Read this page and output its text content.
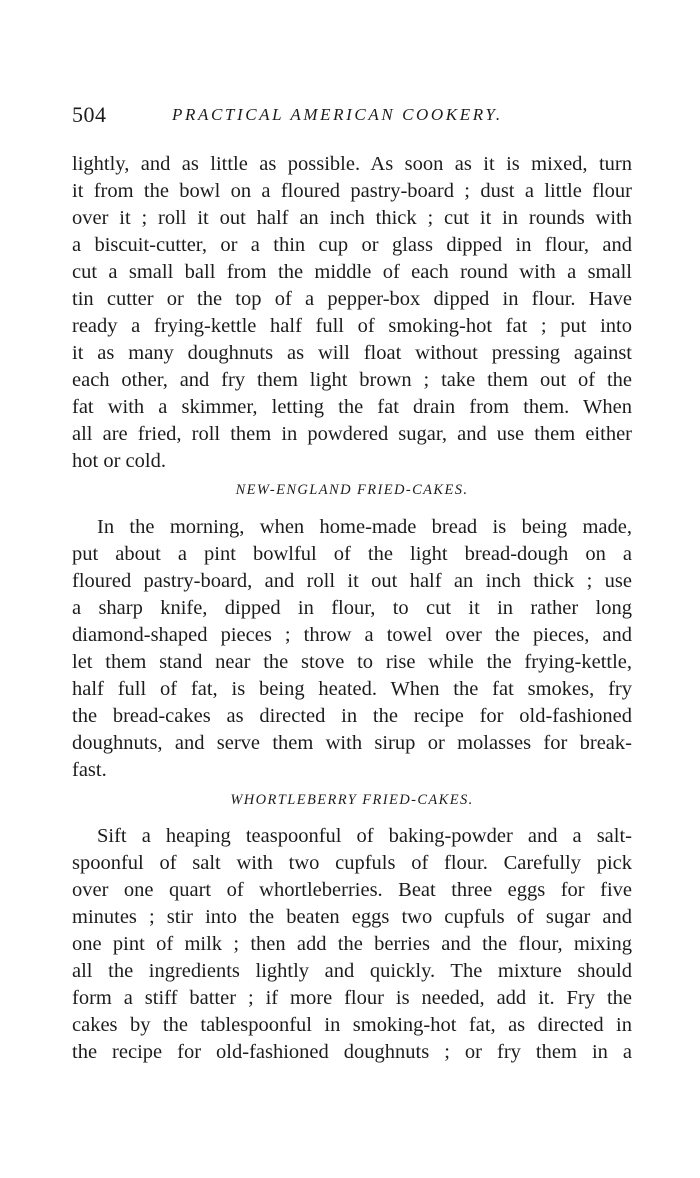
504	PRACTICAL AMERICAN COOKERY.
lightly, and as little as possible. As soon as it is mixed, turn
it from the bowl on a floured pastry-board ; dust a little flour
over it ; roll it out half an inch thick ; cut it in rounds with
a biscuit-cutter, or a thin cup or glass dipped in flour, and
cut a small ball from the middle of each round with a small
tin cutter or the top of a pepper-box dipped in flour. Have
ready a frying-kettle half full of smoking-hot fat ; put into
it as many doughnuts as will float without pressing against
each other, and fry them light brown ; take them out of the
fat with a skimmer, letting the fat drain from them. When
all are fried, roll them in powdered sugar, and use them either
hot or cold.
NEW-ENGLAND FRIED-CAKES.
In the morning, when home-made bread is being made,
put about a pint bowlful of the light bread-dough on a
floured pastry-board, and roll it out half an inch thick ; use
a sharp knife, dipped in flour, to cut it in rather long
diamond-shaped pieces ; throw a towel over the pieces, and
let them stand near the stove to rise while the frying-kettle,
half full of fat, is being heated. When the fat smokes, fry
the bread-cakes as directed in the recipe for old-fashioned
doughnuts, and serve them with sirup or molasses for break-
fast.
WHORTLEBERRY FRIED-CAKES.
Sift a heaping teaspoonful of baking-powder and a salt-
spoonful of salt with two cupfuls of flour. Carefully pick
over one quart of whortleberries. Beat three eggs for five
minutes ; stir into the beaten eggs two cupfuls of sugar and
one pint of milk ; then add the berries and the flour, mixing
all the ingredients lightly and quickly. The mixture should
form a stiff batter ; if more flour is needed, add it. Fry the
cakes by the tablespoonful in smoking-hot fat, as directed in
the recipe for old-fashioned doughnuts ; or fry them in a
